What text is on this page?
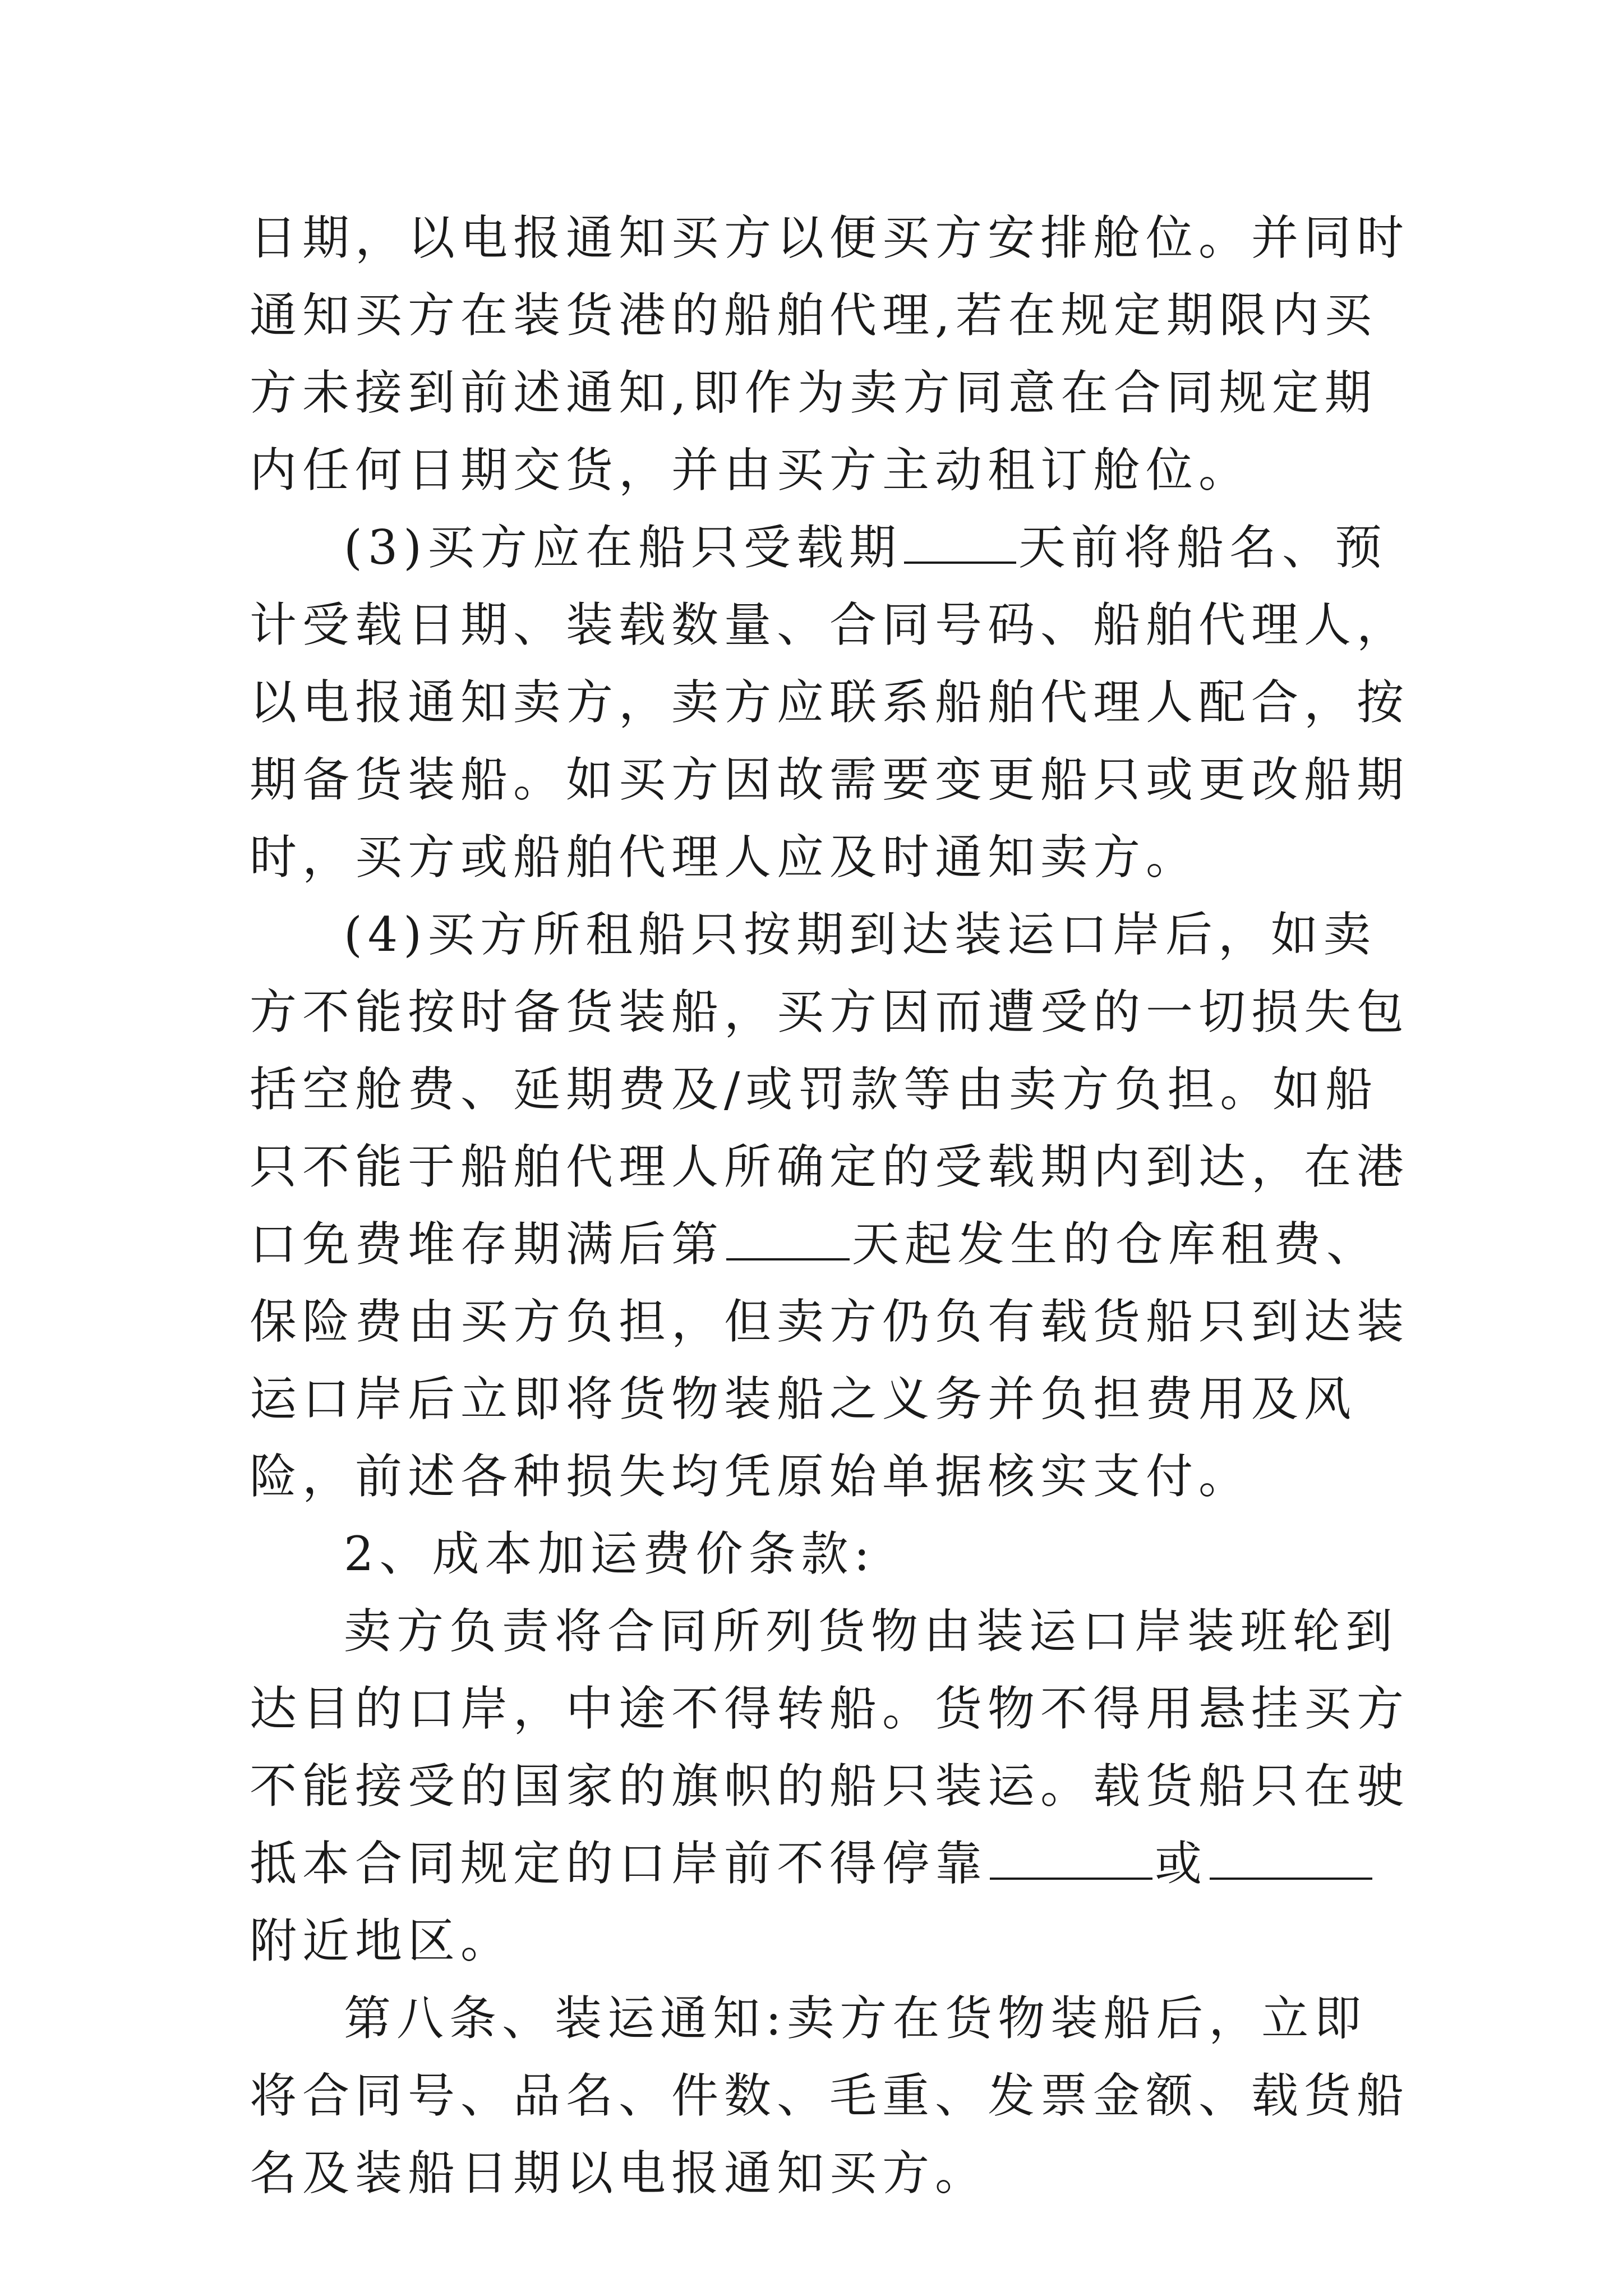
日期，以电报通知买方以便买方安排舱位。并同时通知买方在装货港的船舶代理,若在规定期限内买方未接到前述通知,即作为卖方同意在合同规定期内任何日期交货，并由买方主动租订舱位。

(3)买方应在船只受载期 天前将船名、预计受载日期、装载数量、合同号码、船舶代理人，以电报通知卖方，卖方应联系船舶代理人配合，按期备货装船。如买方因故需要变更船只或更改船期时，买方或船舶代理人应及时通知卖方。

(4)买方所租船只按期到达装运口岸后，如卖方不能按时备货装船，买方因而遭受的一切损失包括空舱费、延期费及/或罚款等由卖方负担。如船只不能于船舶代理人所确定的受载期内到达，在港口免费堆存期满后第	天起发生的仓库租费、保险费由买方负担，但卖方仍负有载货船只到达装运口岸后立即将货物装船之义务并负担费用及风险，前述各种损失均凭原始单据核实支付。

2、成本加运费价条款:

卖方负责将合同所列货物由装运口岸装班轮到达目的口岸，中途不得转船。货物不得用悬挂买方不能接受的国家的旗帜的船只装运。载货船只在驶抵本合同规定的口岸前不得停靠	或附近地区。

第八条、装运通知:卖方在货物装船后，立即将合同号、品名、件数、毛重、发票金额、载货船名及装船日期以电报通知买方。
